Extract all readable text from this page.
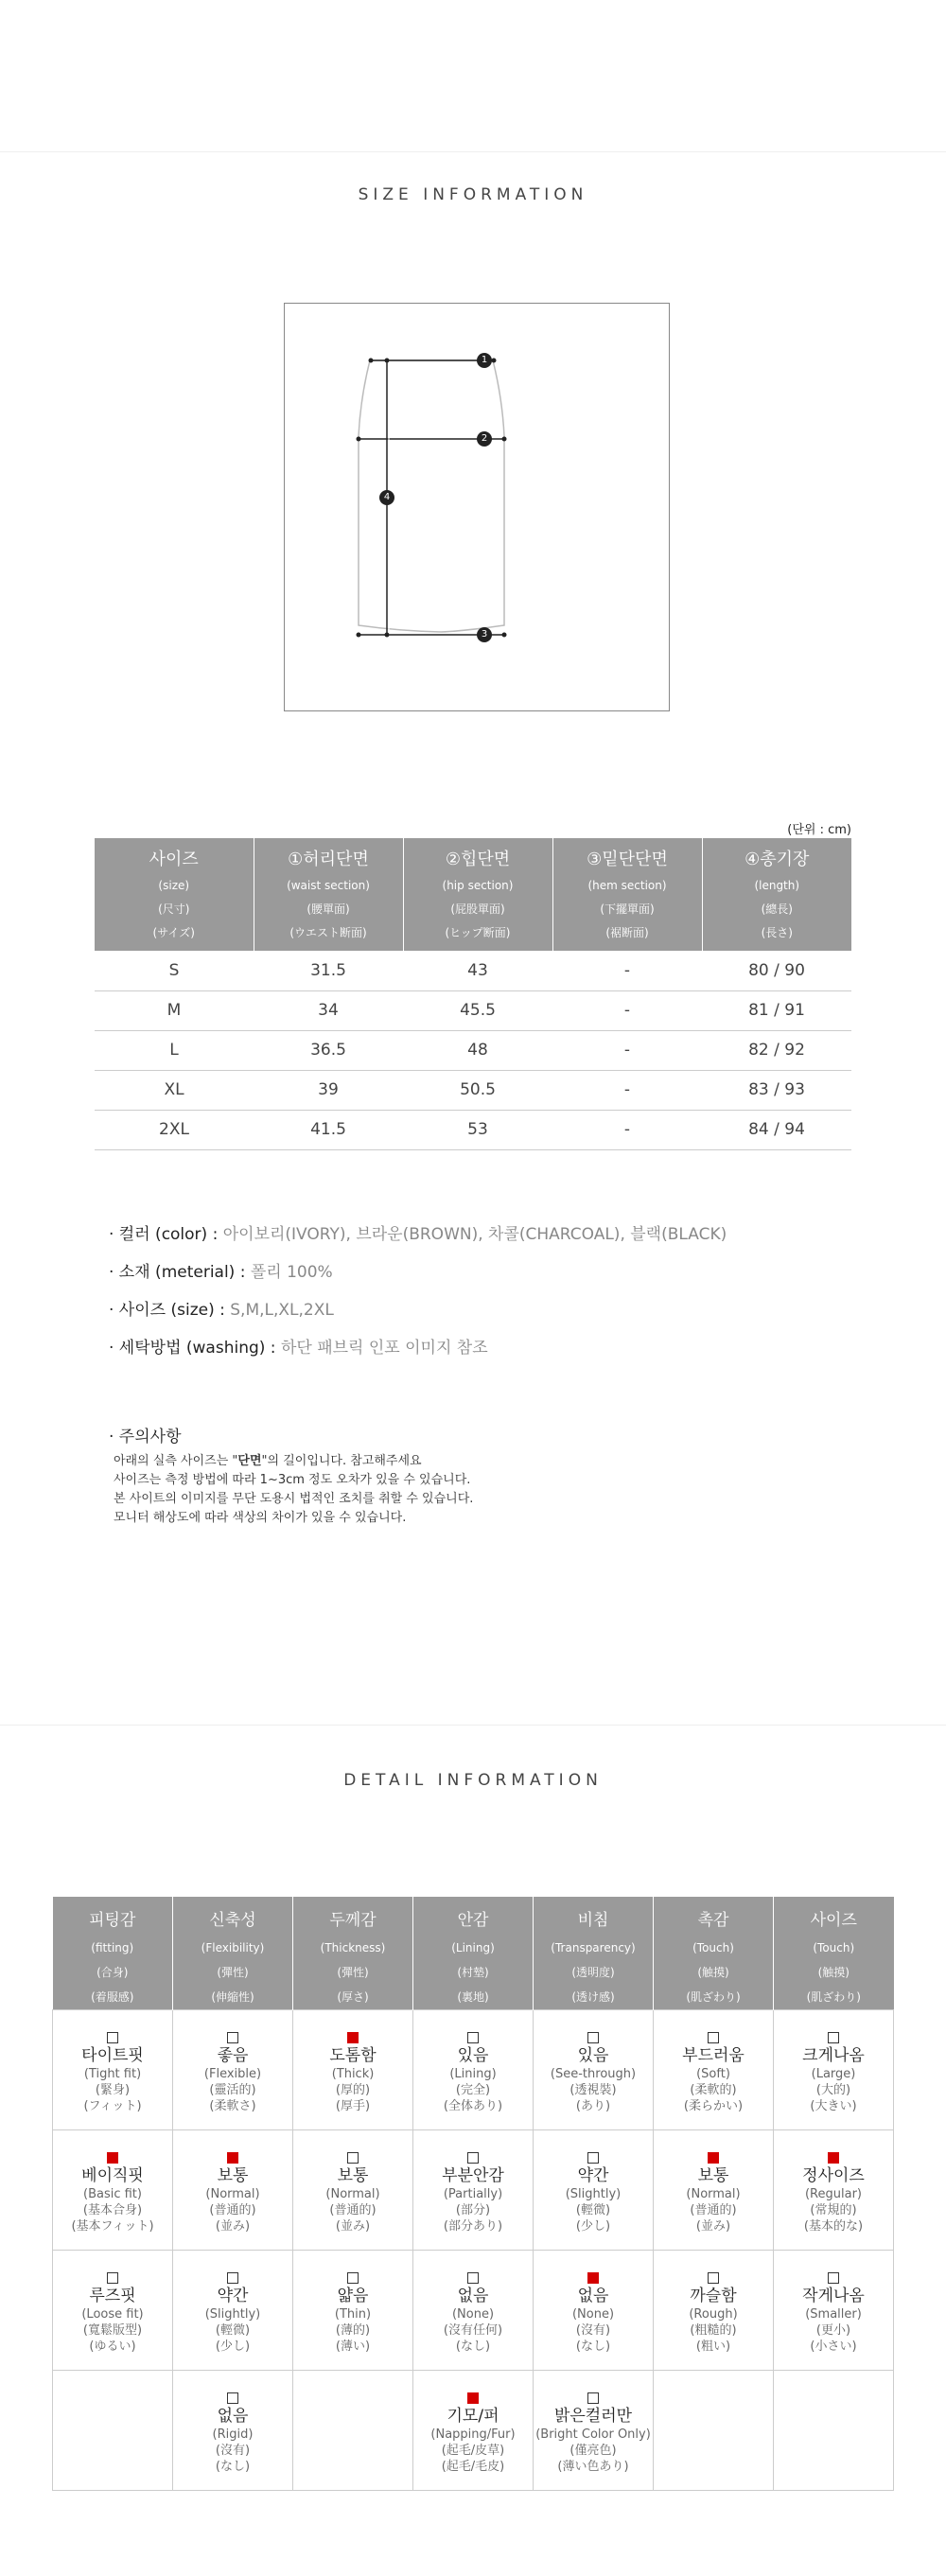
SIZE INFORMATION
1
2
3
4
(단위 : cm)
사이즈
(size)
(尺寸)
(サイズ)	①허리단면
(waist section)
(腰單面)
(ウエスト断面)	②힙단면
(hip section)
(屁股單面)
(ヒップ断面)	③밑단단면
(hem section)
(下擺單面)
(裾断面)	④총기장
(length)
(總長)
(長さ)

S	31.5	43	-	80 / 90
M	34	45.5	-	81 / 91
L	36.5	48	-	82 / 92
XL	39	50.5	-	83 / 93
2XL	41.5	53	-	84 / 94
· 컬러 (color) : 아이보리(IVORY), 브라운(BROWN), 차콜(CHARCOAL), 블랙(BLACK)
· 소재 (meterial) : 폴리 100%
· 사이즈 (size) : S,M,L,XL,2XL
· 세탁방법 (washing) : 하단 패브릭 인포 이미지 참조
· 주의사항
아래의 실측 사이즈는 "단면"의 길이입니다. 참고해주세요
사이즈는 측정 방법에 따라 1~3cm 정도 오차가 있을 수 있습니다.
본 사이트의 이미지를 무단 도용시 법적인 조치를 취할 수 있습니다.
모니터 해상도에 따라 색상의 차이가 있을 수 있습니다.
DETAIL INFORMATION
피팅감
(fitting)
(合身)
(着服感)	신축성
(Flexibility)
(彈性)
(伸縮性)	두께감
(Thickness)
(彈性)
(厚さ)	안감
(Lining)
(村墊)
(裏地)	비침
(Transparency)
(透明度)
(透け感)	촉감
(Touch)
(触摸)
(肌ざわり)	사이즈
(Touch)
(触摸)
(肌ざわり)

타이트핏
(Tight fit)
(緊身)
(フィット)	좋음
(Flexible)
(靈活的)
(柔軟さ)	도톰함
(Thick)
(厚的)
(厚手)	있음
(Lining)
(完全)
(全体あり)	있음
(See-through)
(透視裝)
(あり)	부드러움
(Soft)
(柔軟的)
(柔らかい)	크게나옴
(Large)
(大的)
(大きい)

베이직핏
(Basic fit)
(基本合身)
(基本フィット)	보통
(Normal)
(普通的)
(並み)	보통
(Normal)
(普通的)
(並み)	부분안감
(Partially)
(部分)
(部分あり)	약간
(Slightly)
(輕微)
(少し)	보통
(Normal)
(普通的)
(並み)	정사이즈
(Regular)
(常規的)
(基本的な)

루즈핏
(Loose fit)
(寬鬆版型)
(ゆるい)	약간
(Slightly)
(輕微)
(少し)	얇음
(Thin)
(薄的)
(薄い)	없음
(None)
(沒有任何)
(なし)	없음
(None)
(沒有)
(なし)	까슬함
(Rough)
(粗糙的)
(粗い)	작게나옴
(Smaller)
(更小)
(小さい)

	없음
(Rigid)
(沒有)
(なし)		기모/퍼
(Napping/Fur)
(起毛/皮草)
(起毛/毛皮)	밝은컬러만
(Bright Color Only)
(僅亮色)
(薄い色あり)		
